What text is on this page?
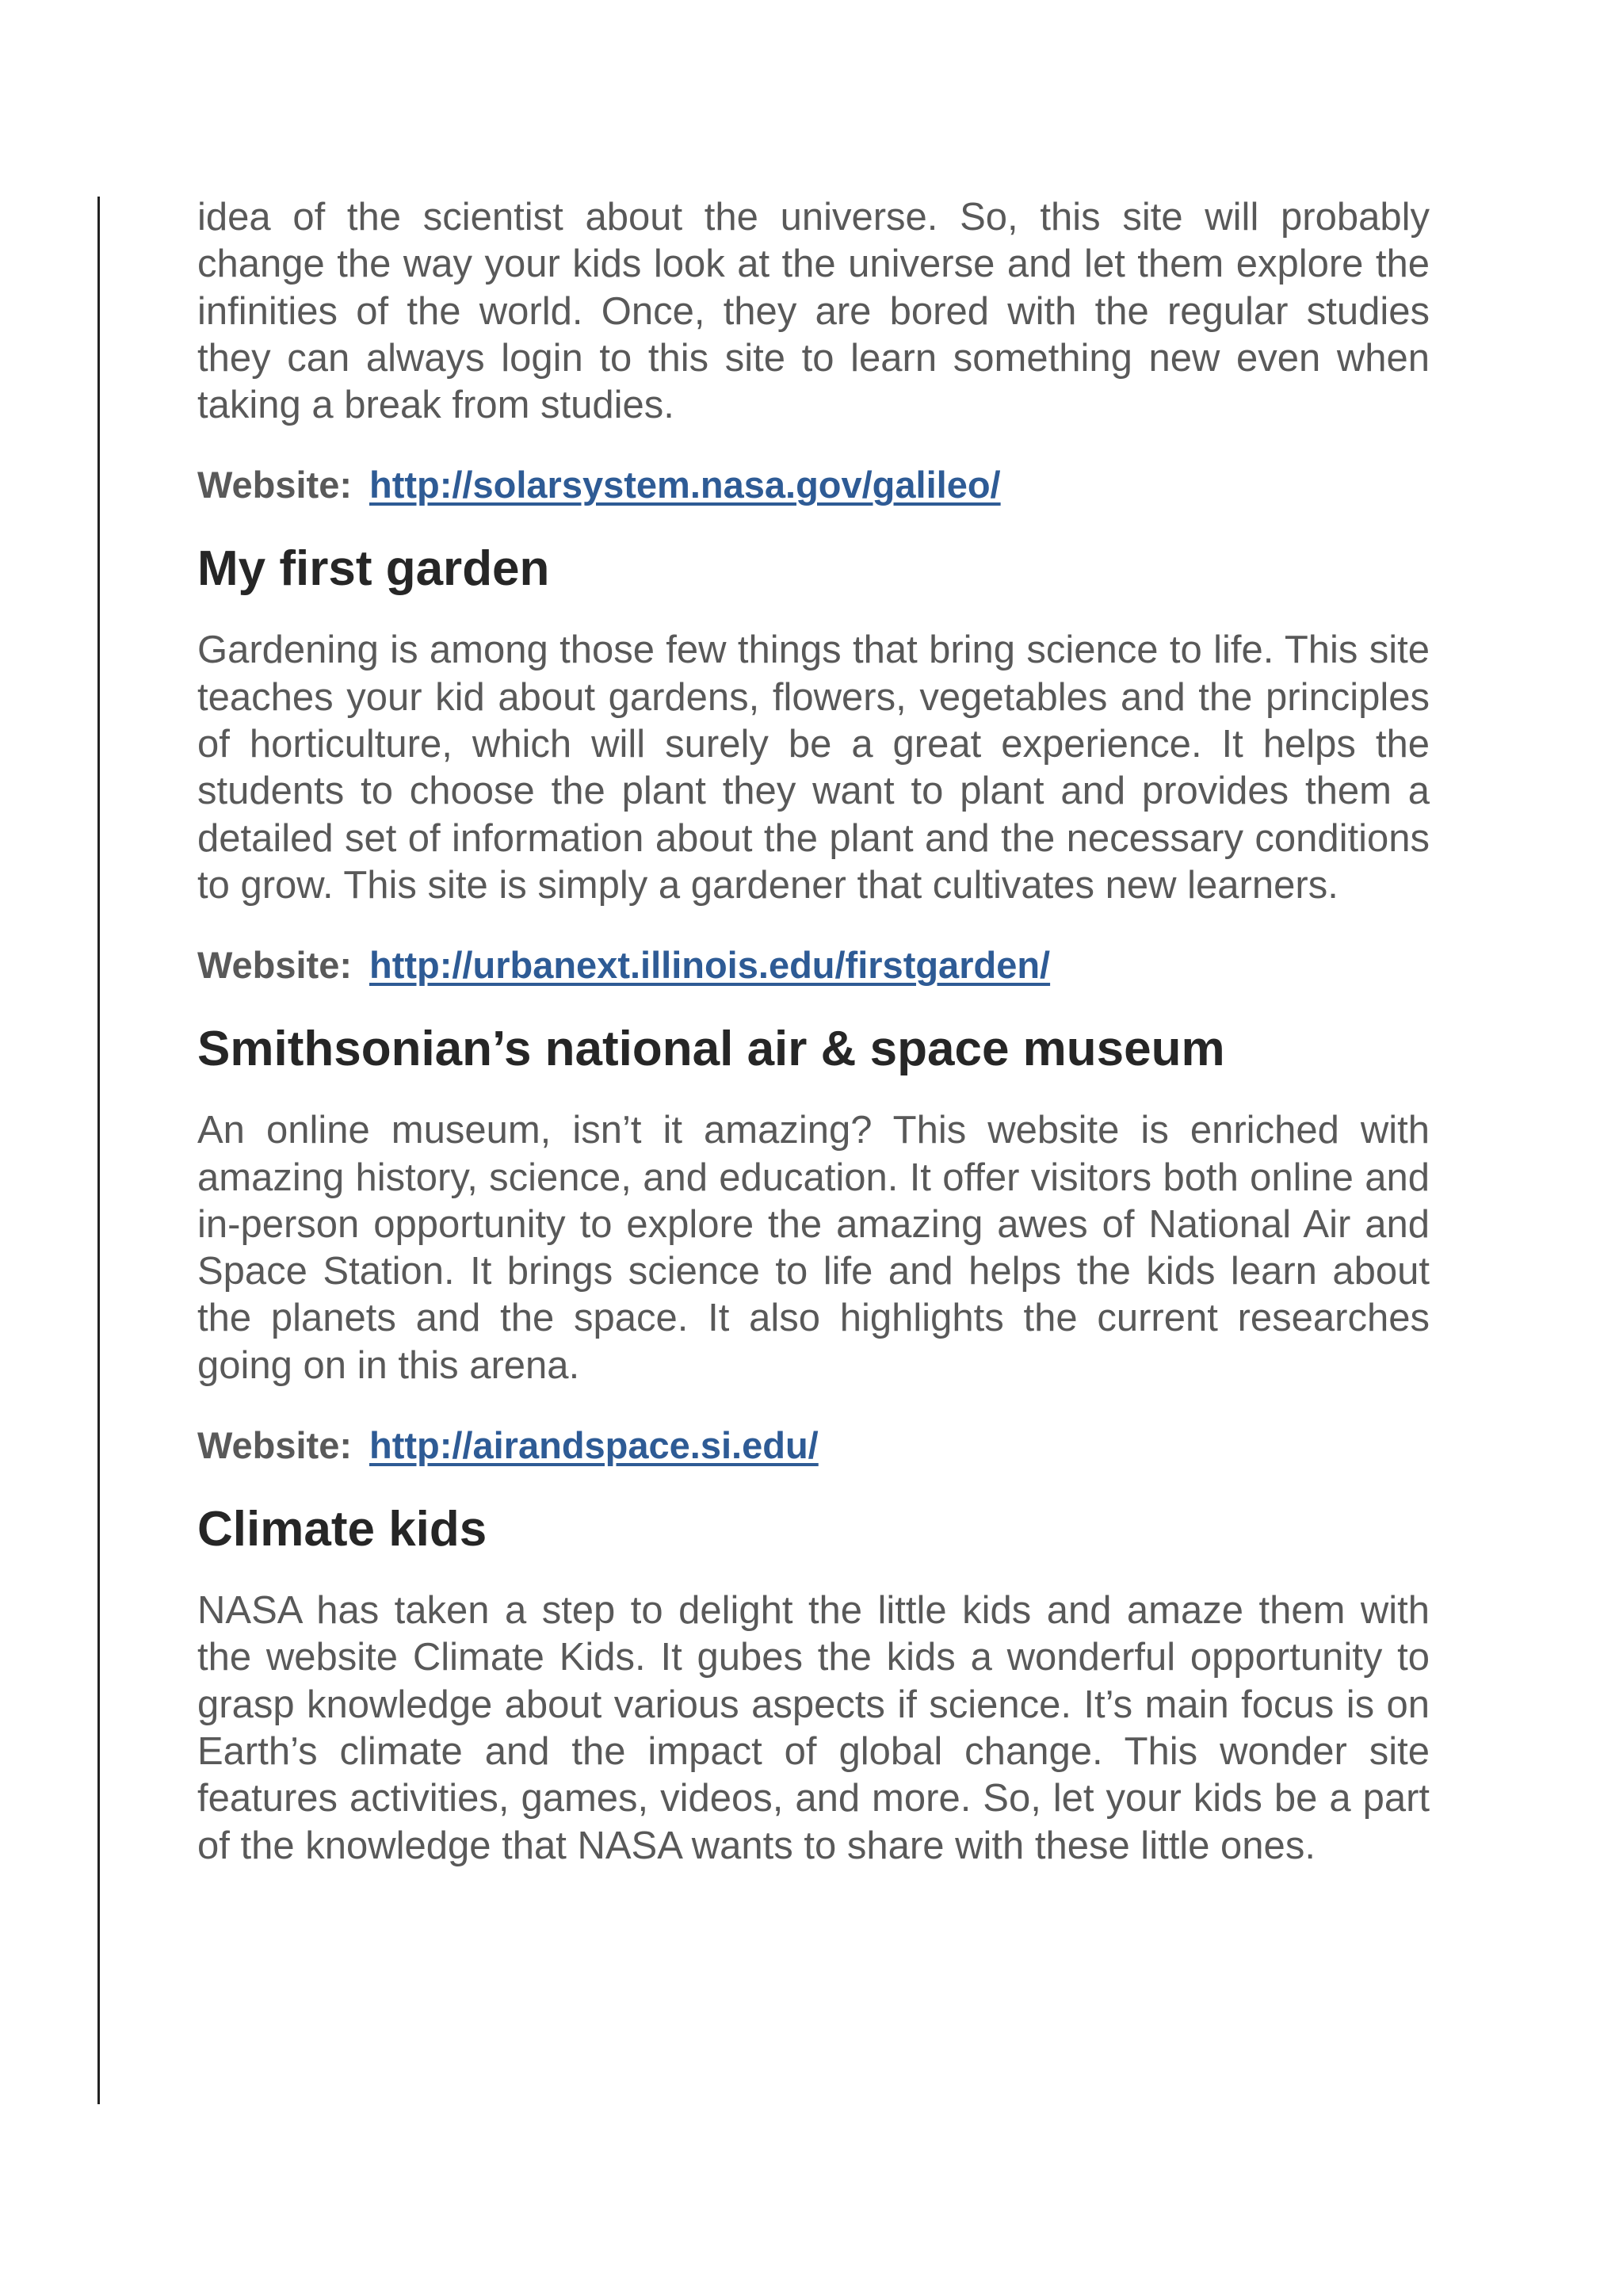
idea of the scientist about the universe. So, this site will probably change the way your kids look at the universe and let them explore the infinities of the world. Once, they are bored with the regular studies they can always login to this site to learn something new even when taking a break from studies.

Website: http://solarsystem.nasa.gov/galileo/

My first garden

Gardening is among those few things that bring science to life. This site teaches your kid about gardens, flowers, vegetables and the principles of horticulture, which will surely be a great experience. It helps the students to choose the plant they want to plant and provides them a detailed set of information about the plant and the necessary conditions to grow. This site is simply a gardener that cultivates new learners.

Website: http://urbanext.illinois.edu/firstgarden/

Smithsonian’s national air & space museum

An online museum, isn’t it amazing? This website is enriched with amazing history, science, and education. It offer visitors both online and in-person opportunity to explore the amazing awes of National Air and Space Station. It brings science to life and helps the kids learn about the planets and the space. It also highlights the current researches going on in this arena.

Website: http://airandspace.si.edu/

Climate kids

NASA has taken a step to delight the little kids and amaze them with the website Climate Kids. It gubes the kids a wonderful opportunity to grasp knowledge about various aspects if science. It’s main focus is on Earth’s climate and the impact of global change. This wonder site features activities, games, videos, and more. So, let your kids be a part of the knowledge that NASA wants to share with these little ones.
